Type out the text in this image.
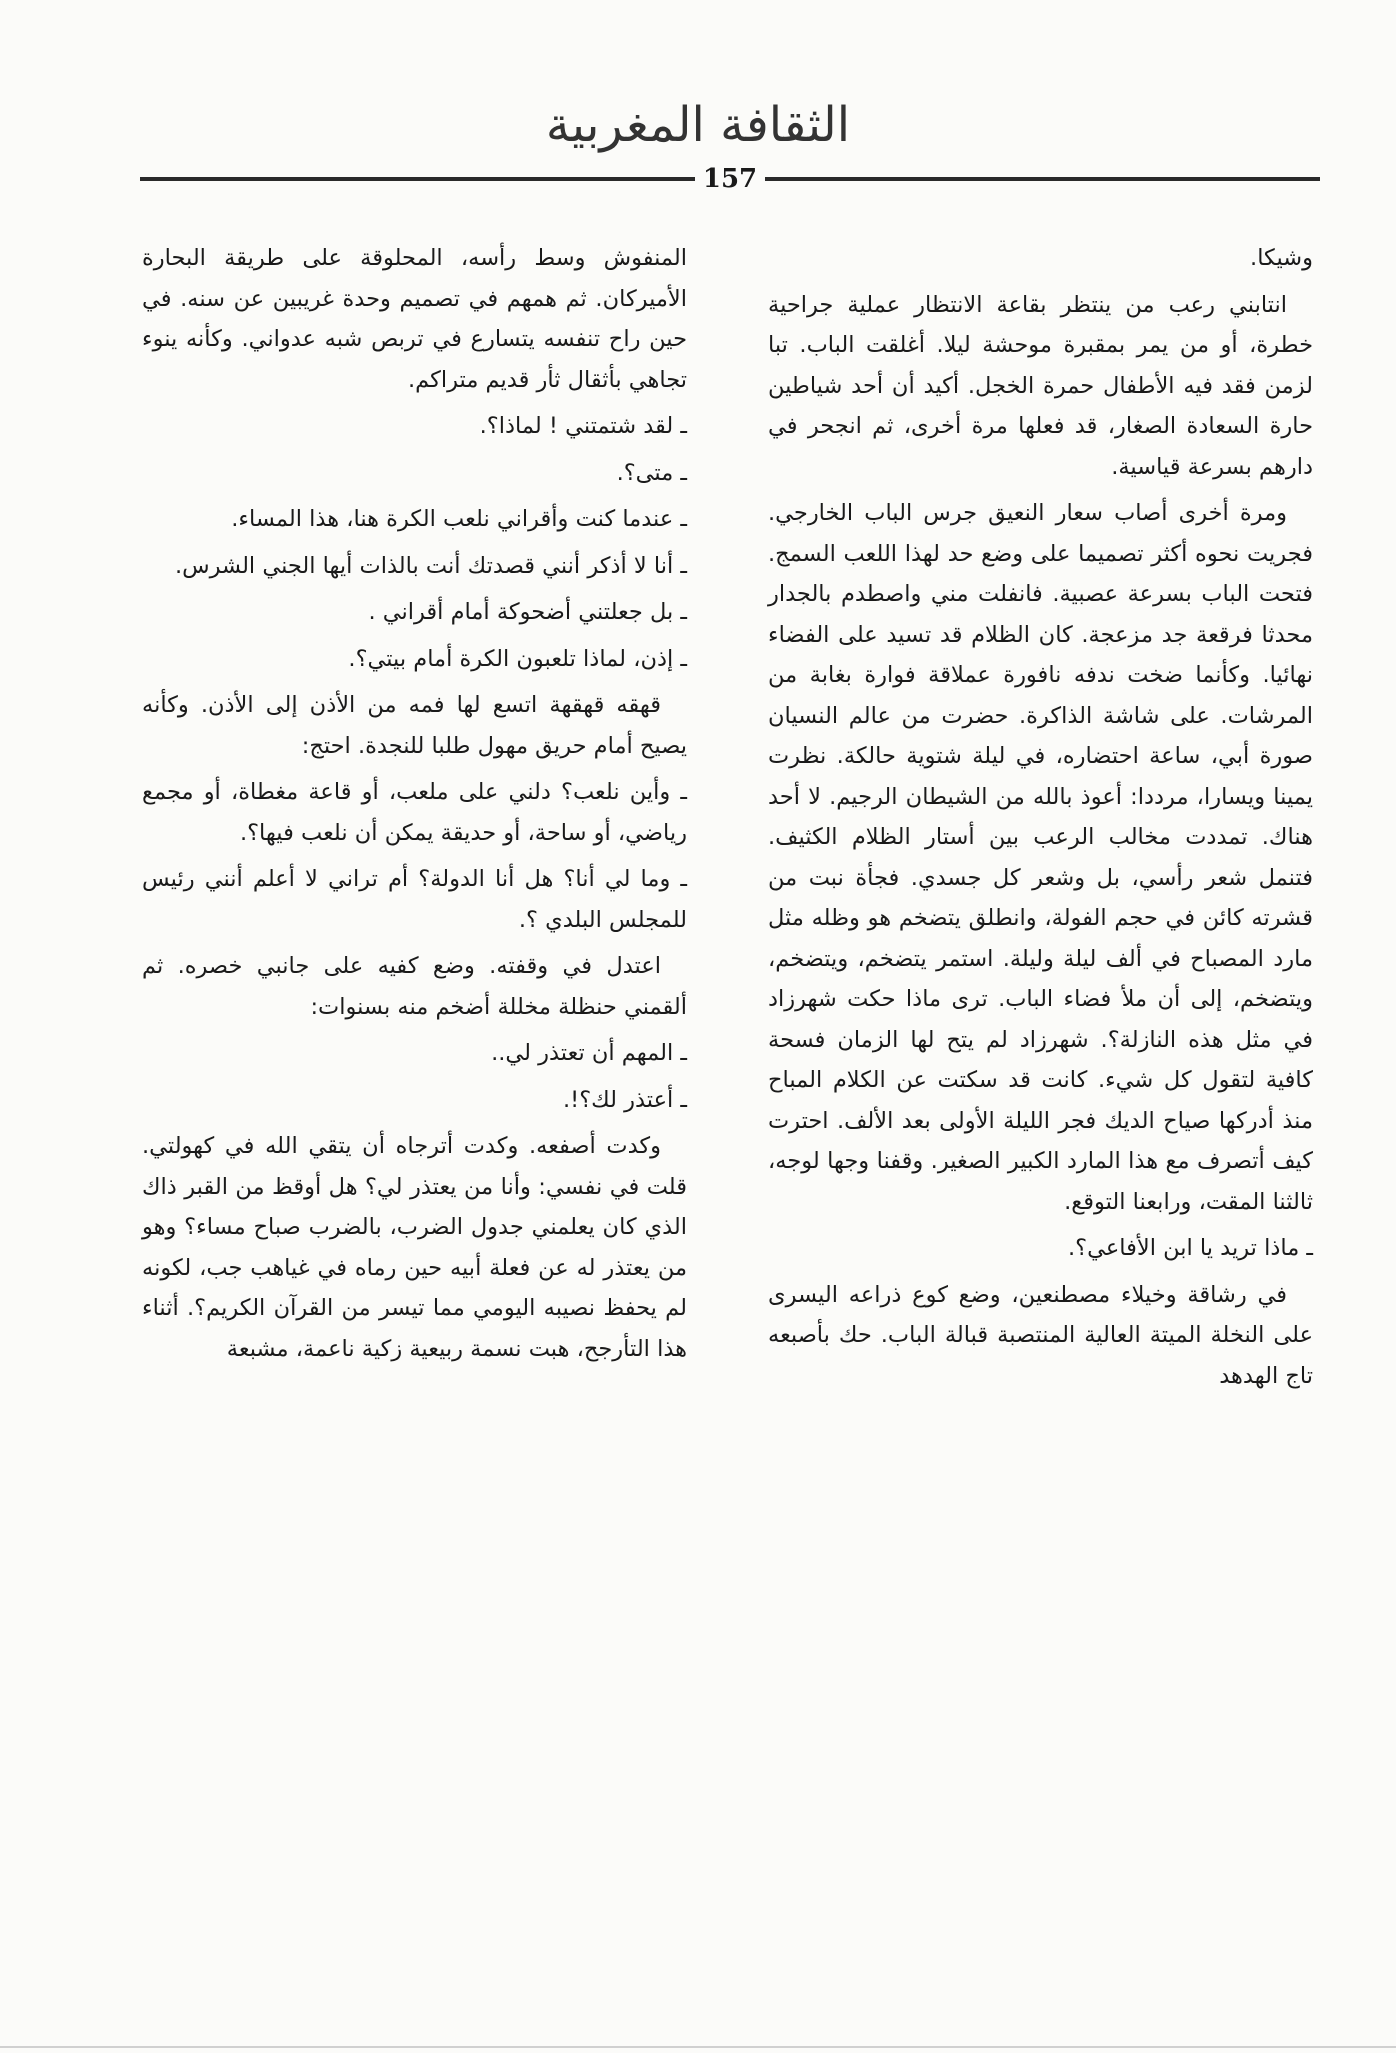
الثقافة المغربية
157

وشيكا.

انتابني رعب من ينتظر بقاعة الانتظار عملية جراحية خطرة، أو من يمر بمقبرة موحشة ليلا. أغلقت الباب. تبا لزمن فقد فيه الأطفال حمرة الخجل. أكيد أن أحد شياطين حارة السعادة الصغار، قد فعلها مرة أخرى، ثم انجحر في دارهم بسرعة قياسية.

ومرة أخرى أصاب سعار النعيق جرس الباب الخارجي. فجريت نحوه أكثر تصميما على وضع حد لهذا اللعب السمج. فتحت الباب بسرعة عصبية. فانفلت مني واصطدم بالجدار محدثا فرقعة جد مزعجة. كان الظلام قد تسيد على الفضاء نهائيا. وكأنما ضخت ندفه نافورة عملاقة فوارة بغابة من المرشات. على شاشة الذاكرة. حضرت من عالم النسيان صورة أبي، ساعة احتضاره، في ليلة شتوية حالكة. نظرت يمينا ويسارا، مرددا: أعوذ بالله من الشيطان الرجيم. لا أحد هناك. تمددت مخالب الرعب بين أستار الظلام الكثيف. فتنمل شعر رأسي، بل وشعر كل جسدي. فجأة نبت من قشرته كائن في حجم الفولة، وانطلق يتضخم هو وظله مثل مارد المصباح في ألف ليلة وليلة. استمر يتضخم، ويتضخم، ويتضخم، إلى أن ملأ فضاء الباب. ترى ماذا حكت شهرزاد في مثل هذه النازلة؟. شهرزاد لم يتح لها الزمان فسحة كافية لتقول كل شيء. كانت قد سكتت عن الكلام المباح منذ أدركها صياح الديك فجر الليلة الأولى بعد الألف. احترت كيف أتصرف مع هذا المارد الكبير الصغير. وقفنا وجها لوجه، ثالثنا المقت، ورابعنا التوقع.

ـ ماذا تريد يا ابن الأفاعي؟.

في رشاقة وخيلاء مصطنعين، وضع كوع ذراعه اليسرى على النخلة الميتة العالية المنتصبة قبالة الباب. حك بأصبعه تاج الهدهد

المنفوش وسط رأسه، المحلوقة على طريقة البحارة الأميركان. ثم همهم في تصميم وحدة غريبين عن سنه. في حين راح تنفسه يتسارع في تربص شبه عدواني. وكأنه ينوء تجاهي بأثقال ثأر قديم متراكم.

ـ لقد شتمتني ! لماذا؟.

ـ متى؟.

ـ عندما كنت وأقراني نلعب الكرة هنا، هذا المساء.

ـ أنا لا أذكر أنني قصدتك أنت بالذات أيها الجني الشرس.

ـ بل جعلتني أضحوكة أمام أقراني .

ـ إذن، لماذا تلعبون الكرة أمام بيتي؟.

قهقه قهقهة اتسع لها فمه من الأذن إلى الأذن. وكأنه يصيح أمام حريق مهول طلبا للنجدة. احتج:

ـ وأين نلعب؟ دلني على ملعب، أو قاعة مغطاة، أو مجمع رياضي، أو ساحة، أو حديقة يمكن أن نلعب فيها؟.

ـ وما لي أنا؟ هل أنا الدولة؟ أم تراني لا أعلم أنني رئيس للمجلس البلدي ؟.

اعتدل في وقفته. وضع كفيه على جانبي خصره. ثم ألقمني حنظلة مخللة أضخم منه بسنوات:

ـ المهم أن تعتذر لي..

ـ أعتذر لك؟!.

وكدت أصفعه. وكدت أترجاه أن يتقي الله في كهولتي. قلت في نفسي: وأنا من يعتذر لي؟ هل أوقظ من القبر ذاك الذي كان يعلمني جدول الضرب، بالضرب صباح مساء؟ وهو من يعتذر له عن فعلة أبيه حين رماه في غياهب جب، لكونه لم يحفظ نصيبه اليومي مما تيسر من القرآن الكريم؟. أثناء هذا التأرجح، هبت نسمة ربيعية زكية ناعمة، مشبعة
